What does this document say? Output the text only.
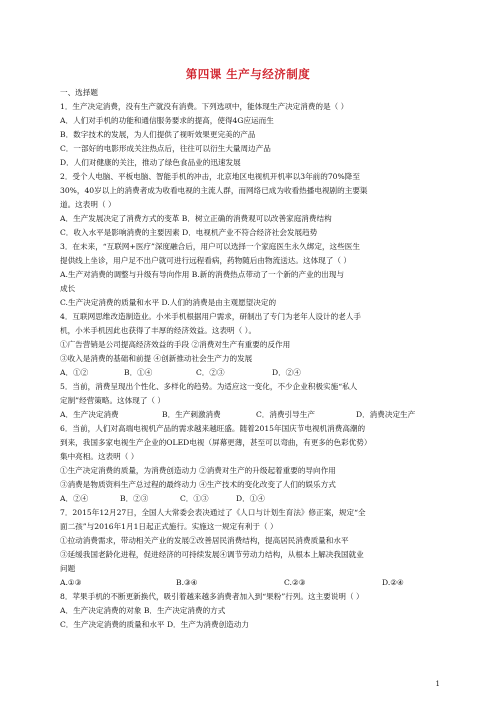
第四课 生产与经济制度
一、选择题
1．生产决定消费，没有生产就没有消费。下列选项中，能体现生产决定消费的是（ ）
A．人们对手机的功能和通信服务要求的提高，使得4G应运而生
B．数字技术的发展，为人们提供了视听效果更完美的产品
C．一部好的电影形成关注热点后，往往可以衍生大量周边产品
D．人们对健康的关注，推动了绿色食品业的迅速发展
2．受个人电脑、平板电脑、智能手机的冲击，北京地区电视机开机率以3年前的70%降至
30%，40岁以上的消费者成为收看电视的主流人群，而网络已成为收看热播电视剧的主要渠
道。这表明（ ）
A．生产发展决定了消费方式的变革 B．树立正确的消费观可以改善家庭消费结构
C．收入水平是影响消费的主要因素 D．电视机产业不符合经济社会发展趋势
3．在未来，“互联网+医疗”深度融合后，用户可以选择一个家庭医生永久绑定，这些医生
提供线上坐诊，用户足不出户就可进行远程看病，药物随后由物流送达。这体现了（ ）
A.生产对消费的调整与升级有导向作用 B.新的消费热点带动了一个新的产业的出现与
成长
C.生产决定消费的质量和水平 D.人们的消费是由主观愿望决定的
4．互联网思维改造制造业。小米手机根据用户需求，研制出了专门为老年人设计的老人手
机，小米手机因此也获得了丰厚的经济效益。这表明（ ）。
①广告营销是公司提高经济效益的手段 ②消费对生产有重要的反作用
③收入是消费的基础和前提 ④创新推动社会生产力的发展
A．①②	B．①④	C．②③	D．②④
5．当前，消费呈现出个性化、多样化的趋势。为适应这一变化，不少企业积极实施“私人
定制”经营策略。这体现了（ ）
A．生产决定消费	B．生产刺激消费	C．消费引导生产	D．消费决定生产
6．当前，人们对高端电视机产品的需求越来越旺盛。随着2015年国庆节电视机消费高潮的
到来，我国多家电视生产企业的OLED电视（屏幕更薄，甚至可以弯曲，有更多的色彩优势）
集中亮相。这表明（ ）
①生产决定消费的质量，为消费创造动力 ②消费对生产的升级起着重要的导向作用
③消费是物质资料生产总过程的最终动力 ④生产技术的变化改变了人们的娱乐方式
A．②④	B．②③	C．①③	D．①④
7．2015年12月27日，全国人大常委会表决通过了《人口与计划生育法》修正案，规定“全
面二孩”与2016年1月1日起正式施行。实施这一规定有利于（ ）
①拉动消费需求，带动相关产业的发展②改善居民消费结构，提高居民消费质量和水平
③延缓我国老龄化进程，促进经济的可持续发展④调节劳动力结构，从根本上解决我国就业
问题
A.①③	B.③④	C.②③	D.②④
8．苹果手机的不断更新换代，吸引着越来越多消费者加入到“果粉”行列。这主要说明（ ）
A．生产决定消费的对象 B．生产决定消费的方式
C．生产决定消费的质量和水平 D．生产为消费创造动力
1
